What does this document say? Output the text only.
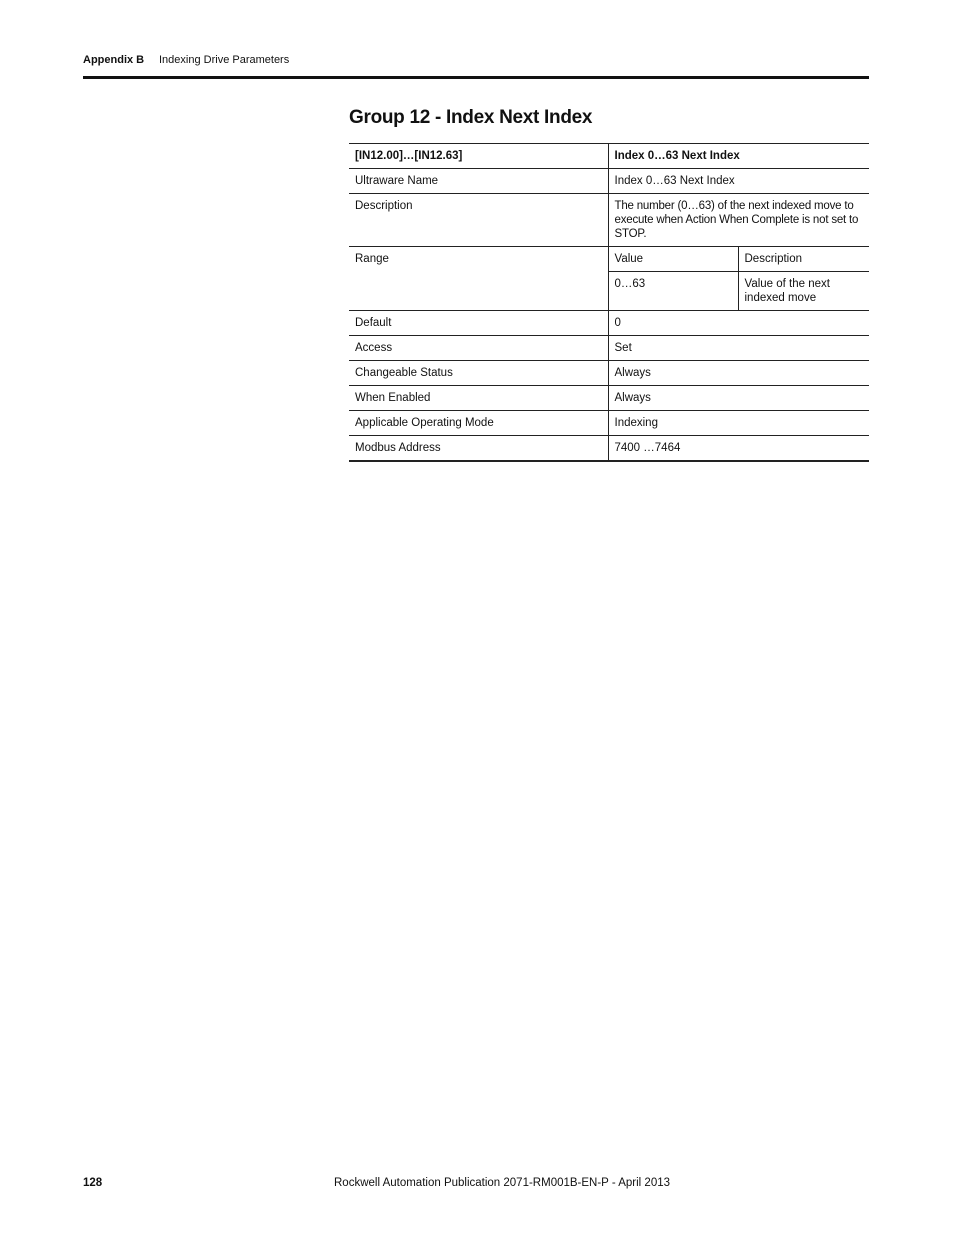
Appendix B Indexing Drive Parameters
Group 12 - Index Next Index
[IN12.00]…[IN12.63]	Index 0…63 Next Index	
Ultraware Name	Index 0…63 Next Index	
Description	The number (0…63) of the next indexed move to execute when Action When Complete is not set to STOP.	
Range	Value	Description
	0…63	Value of the next indexed move
Default	0	
Access	Set	
Changeable Status	Always	
When Enabled	Always	
Applicable Operating Mode	Indexing	
Modbus Address	7400 …7464	
128	Rockwell Automation Publication 2071-RM001B-EN-P - April 2013
